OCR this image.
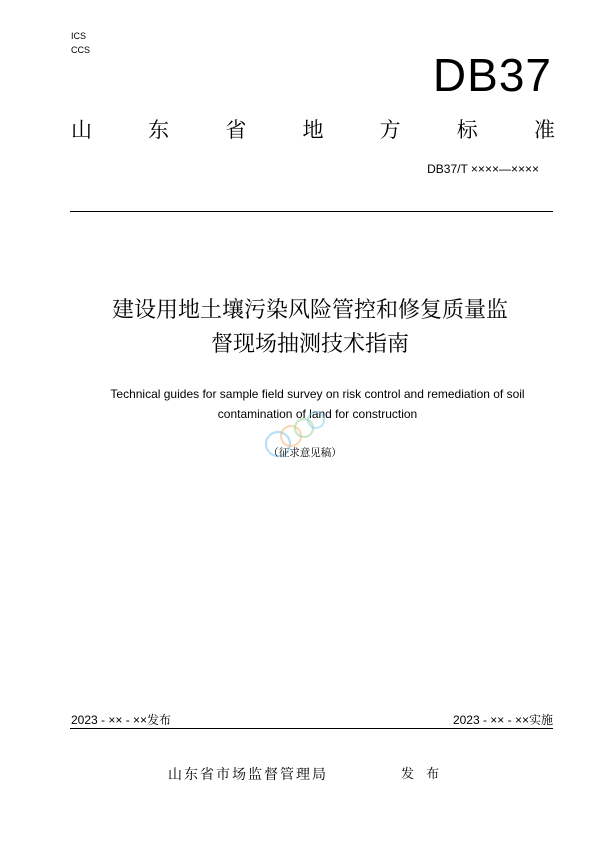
ICS
CCS	DB37
山	东	省	地	方	标	准
DB37/T ××××—××××
建设用地土壤污染风险管控和修复质量监
督现场抽测技术指南
Technical guides for sample field survey on risk control and remediation of soil
contamination of land for construction
（征求意见稿）
2023 - ×× - ××发布	2023 - ×× - ××实施
山东省市场监督管理局	发 布
